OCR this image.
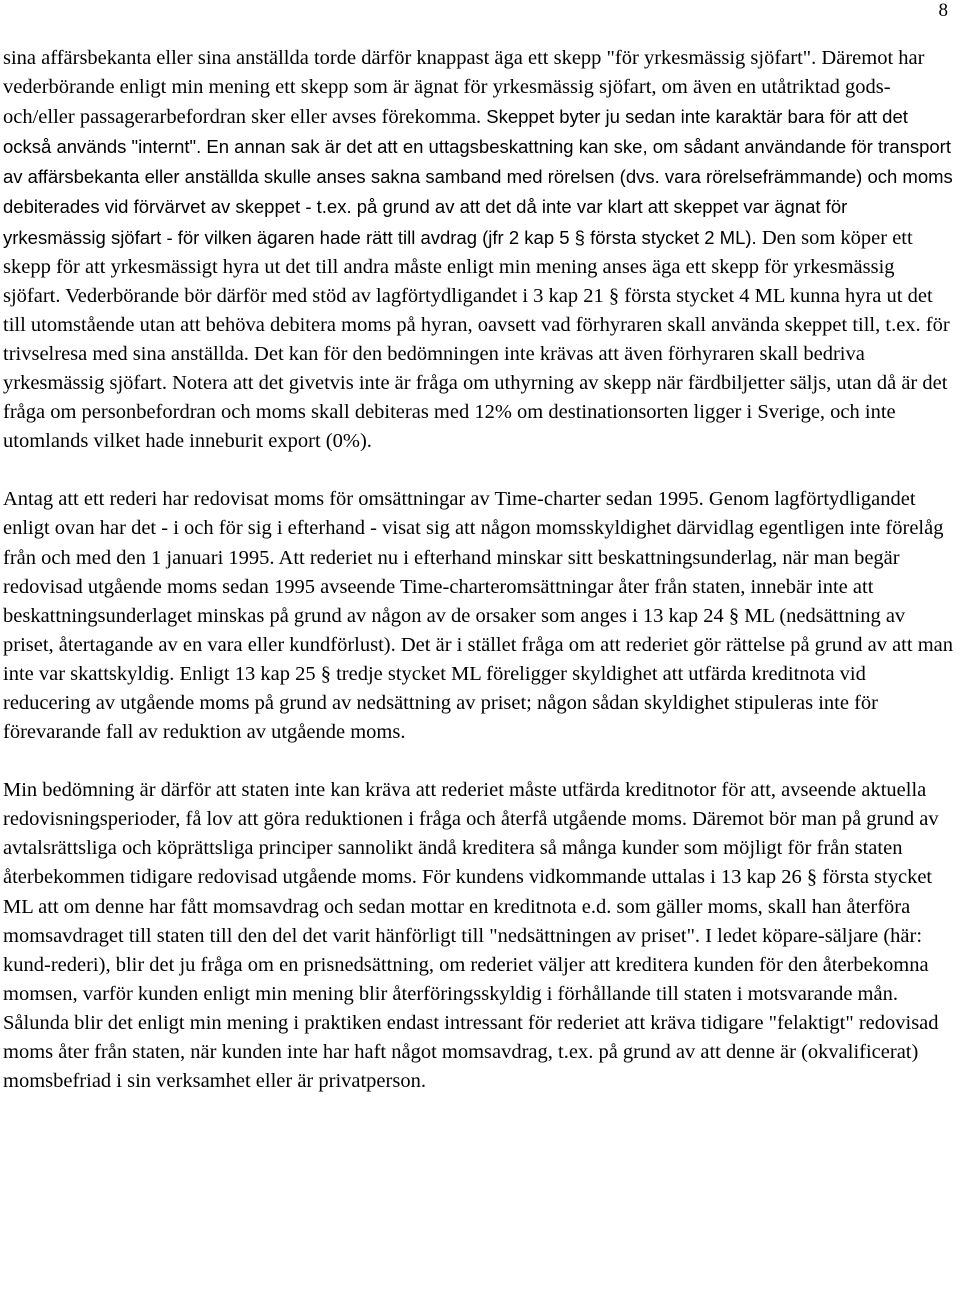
8

sina affärsbekanta eller sina anställda torde därför knappast äga ett skepp "för yrkesmässig sjöfart". Däremot har vederbörande enligt min mening ett skepp som är ägnat för yrkesmässig sjöfart, om även en utåtriktad gods- och/eller passagerarbefordran sker eller avses förekomma. Skeppet byter ju sedan inte karaktär bara för att det också används "internt". En annan sak är det att en uttagsbeskattning kan ske, om sådant användande för transport av affärsbekanta eller anställda skulle anses sakna samband med rörelsen (dvs. vara rörelsefrämmande) och moms debiterades vid förvärvet av skeppet - t.ex. på grund av att det då inte var klart att skeppet var ägnat för yrkesmässig sjöfart - för vilken ägaren hade rätt till avdrag (jfr 2 kap 5 § första stycket 2 ML). Den som köper ett skepp för att yrkesmässigt hyra ut det till andra måste enligt min mening anses äga ett skepp för yrkesmässig sjöfart. Vederbörande bör därför med stöd av lagförtydligandet i 3 kap 21 § första stycket 4 ML kunna hyra ut det till utomstående utan att behöva debitera moms på hyran, oavsett vad förhyraren skall använda skeppet till, t.ex. för trivselresa med sina anställda. Det kan för den bedömningen inte krävas att även förhyraren skall bedriva yrkesmässig sjöfart. Notera att det givetvis inte är fråga om uthyrning av skepp när färdbiljetter säljs, utan då är det fråga om personbefordran och moms skall debiteras med 12% om destinationsorten ligger i Sverige, och inte utomlands vilket hade inneburit export (0%).

Antag att ett rederi har redovisat moms för omsättningar av Time-charter sedan 1995. Genom lagförtydligandet enligt ovan har det - i och för sig i efterhand - visat sig att någon momsskyldighet därvidlag egentligen inte förelåg från och med den 1 januari 1995. Att rederiet nu i efterhand minskar sitt beskattningsunderlag, när man begär redovisad utgående moms sedan 1995 avseende Time-charteromsättningar åter från staten, innebär inte att beskattningsunderlaget minskas på grund av någon av de orsaker som anges i 13 kap 24 § ML (nedsättning av priset, återtagande av en vara eller kundförlust). Det är i stället fråga om att rederiet gör rättelse på grund av att man inte var skattskyldig. Enligt 13 kap 25 § tredje stycket ML föreligger skyldighet att utfärda kreditnota vid reducering av utgående moms på grund av nedsättning av priset; någon sådan skyldighet stipuleras inte för förevarande fall av reduktion av utgående moms.

Min bedömning är därför att staten inte kan kräva att rederiet måste utfärda kreditnotor för att, avseende aktuella redovisningsperioder, få lov att göra reduktionen i fråga och återfå utgående moms. Däremot bör man på grund av avtalsrättsliga och köprättsliga principer sannolikt ändå kreditera så många kunder som möjligt för från staten återbekommen tidigare redovisad utgående moms. För kundens vidkommande uttalas i 13 kap 26 § första stycket ML att om denne har fått momsavdrag och sedan mottar en kreditnota e.d. som gäller moms, skall han återföra momsavdraget till staten till den del det varit hänförligt till "nedsättningen av priset". I ledet köpare-säljare (här: kund-rederi), blir det ju fråga om en prisnedsättning, om rederiet väljer att kreditera kunden för den återbekomna momsen, varför kunden enligt min mening blir återföringsskyldig i förhållande till staten i motsvarande mån. Sålunda blir det enligt min mening i praktiken endast intressant för rederiet att kräva tidigare "felaktigt" redovisad moms åter från staten, när kunden inte har haft något momsavdrag, t.ex. på grund av att denne är (okvalificerat) momsbefriad i sin verksamhet eller är privatperson.
